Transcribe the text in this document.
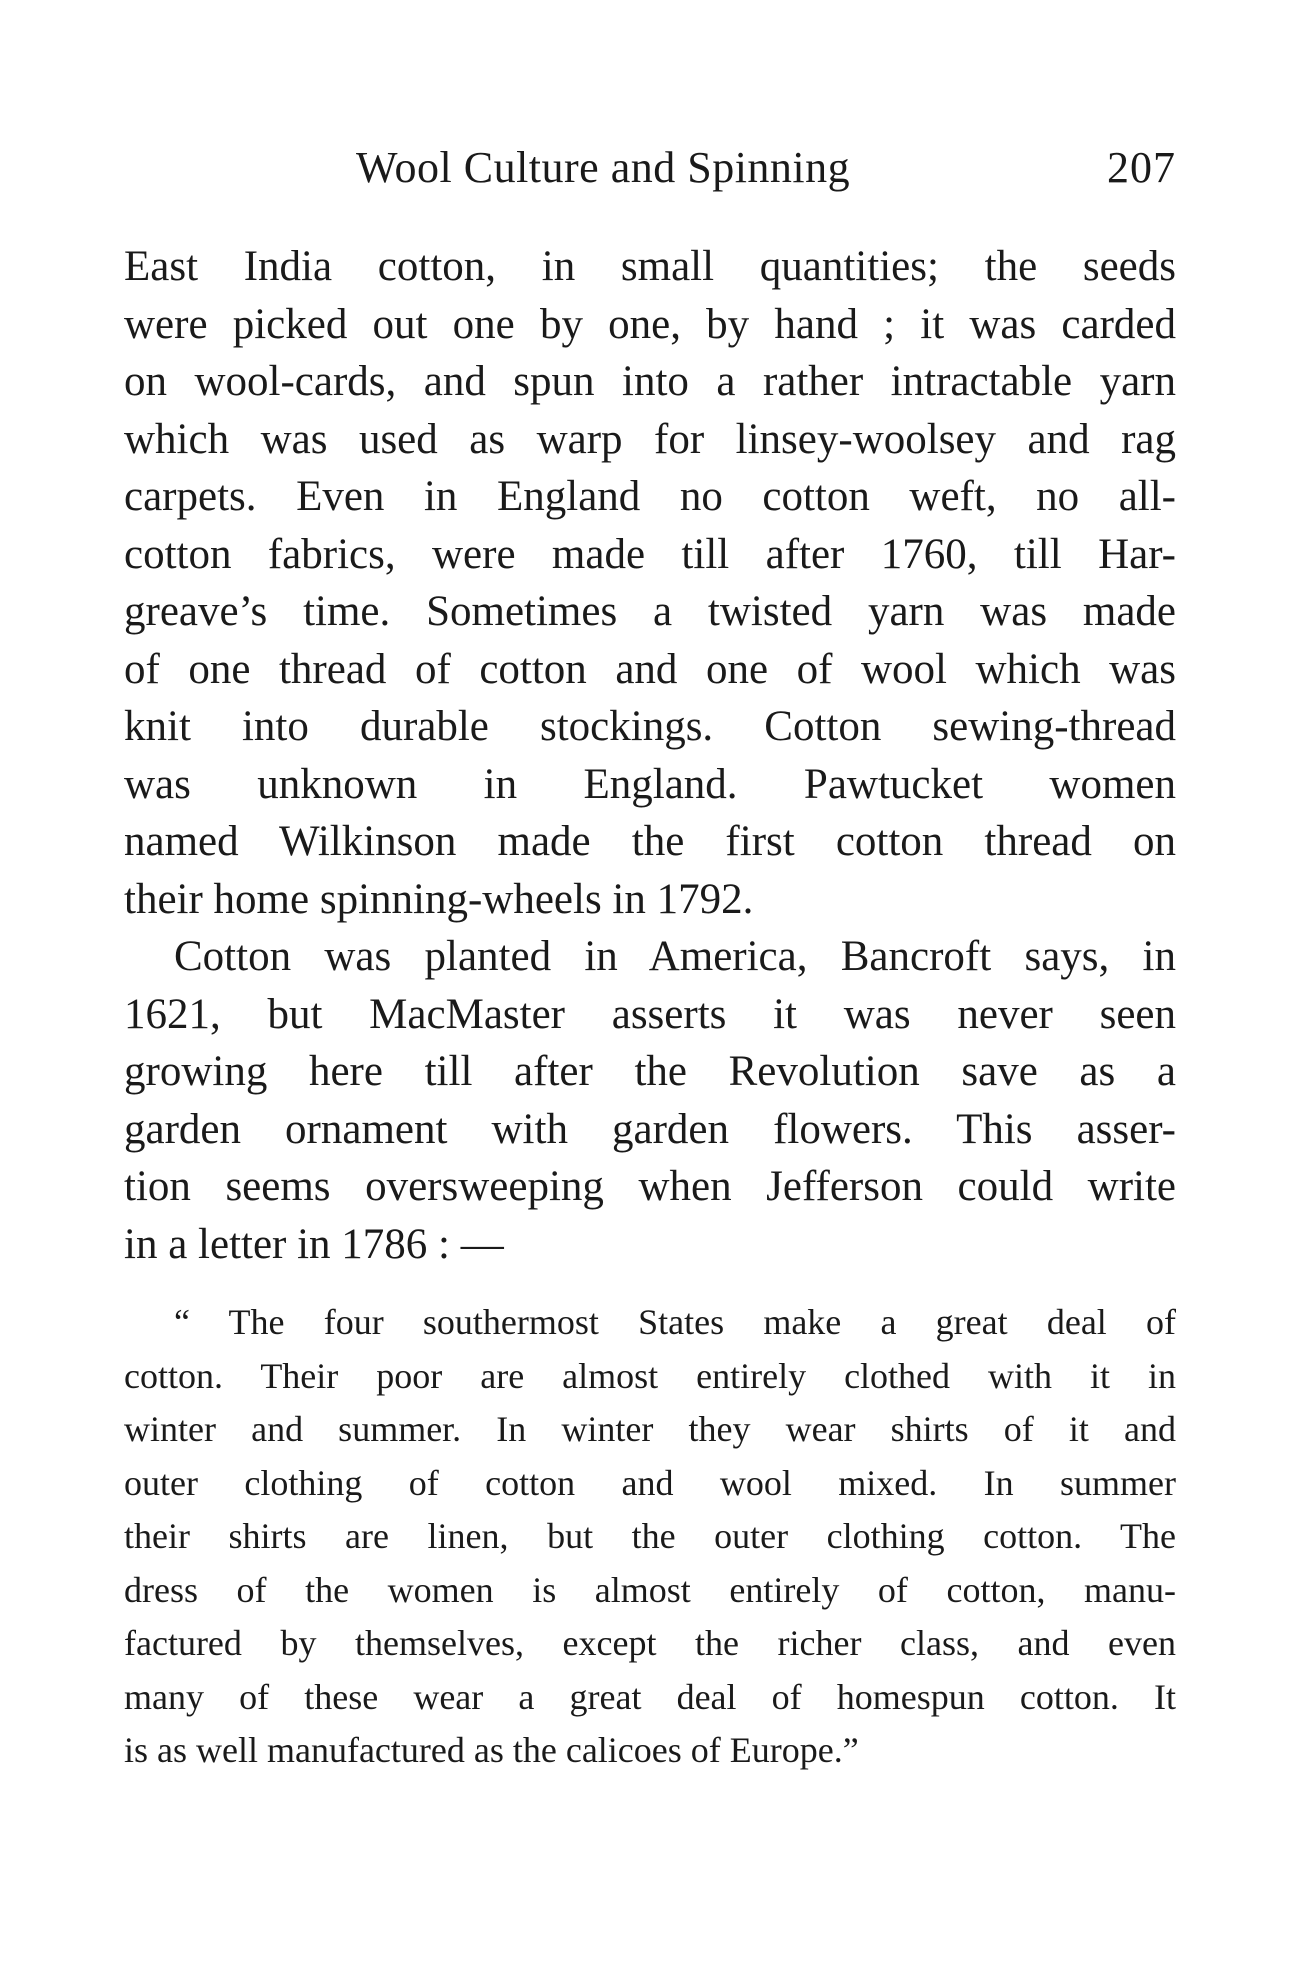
Wool Culture and Spinning	207
East India cotton, in small quantities; the seeds
were picked out one by one, by hand ; it was carded
on wool-cards, and spun into a rather intractable yarn
which was used as warp for linsey-woolsey and rag
carpets. Even in England no cotton weft, no all-
cotton fabrics, were made till after 1760, till Har-
greave’s time. Sometimes a twisted yarn was made
of one thread of cotton and one of wool which was
knit into durable stockings. Cotton sewing-thread
was unknown in England. Pawtucket women
named Wilkinson made the first cotton thread on
their home spinning-wheels in 1792.
Cotton was planted in America, Bancroft says, in
1621, but MacMaster asserts it was never seen
growing here till after the Revolution save as a
garden ornament with garden flowers. This asser-
tion seems oversweeping when Jefferson could write
in a letter in 1786 : —
“ The four southermost States make a great deal of
cotton. Their poor are almost entirely clothed with it in
winter and summer. In winter they wear shirts of it and
outer clothing of cotton and wool mixed. In summer
their shirts are linen, but the outer clothing cotton. The
dress of the women is almost entirely of cotton, manu-
factured by themselves, except the richer class, and even
many of these wear a great deal of homespun cotton. It
is as well manufactured as the calicoes of Europe.”
